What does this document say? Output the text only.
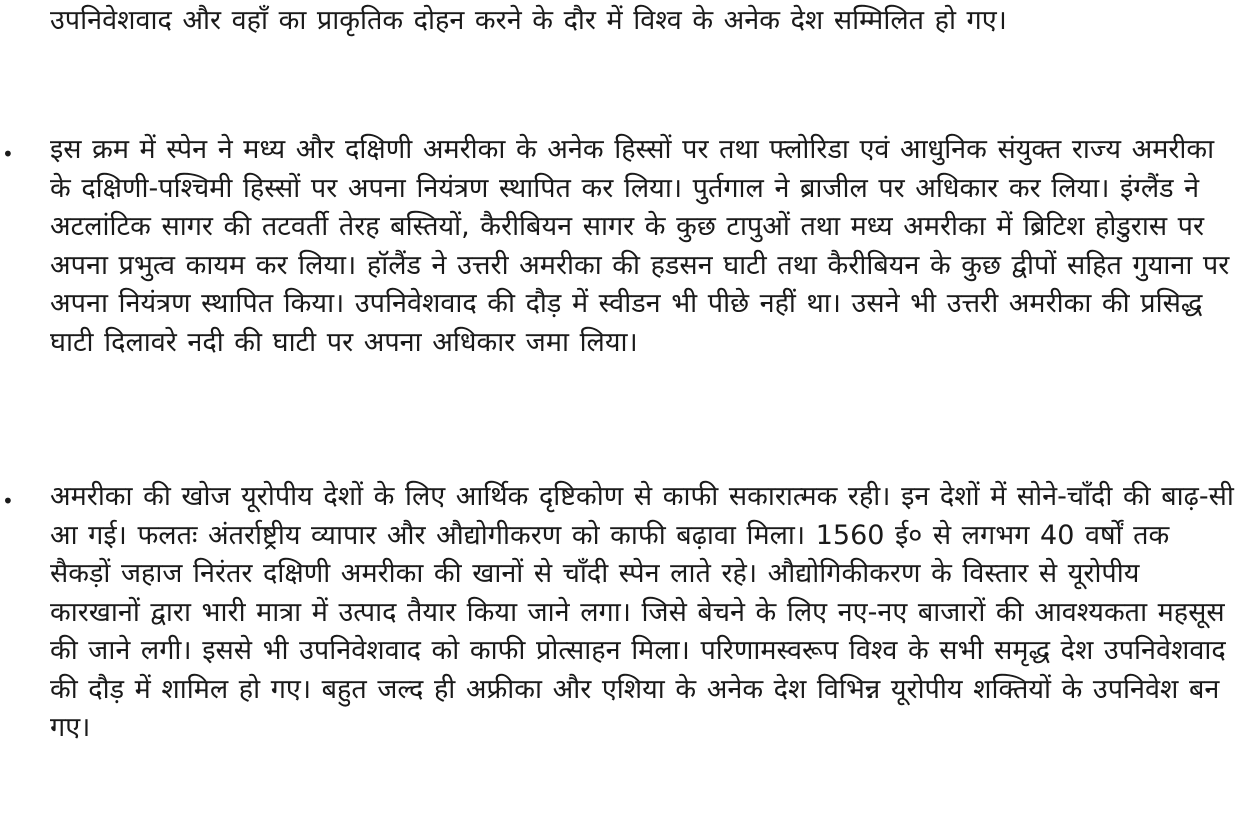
उपनिवेशवाद और वहाँ का प्राकृतिक दोहन करने के दौर में विश्व के अनेक देश सम्मिलित हो गए।

• इस क्रम में स्पेन ने मध्य और दक्षिणी अमरीका के अनेक हिस्सों पर तथा फ्लोरिडा एवं आधुनिक संयुक्त राज्य अमरीका के दक्षिणी-पश्चिमी हिस्सों पर अपना नियंत्रण स्थापित कर लिया। पुर्तगाल ने ब्राजील पर अधिकार कर लिया। इंग्लैंड ने अटलांटिक सागर की तटवर्ती तेरह बस्तियों, कैरीबियन सागर के कुछ टापुओं तथा मध्य अमरीका में ब्रिटिश होडुरास पर अपना प्रभुत्व कायम कर लिया। हॉलैंड ने उत्तरी अमरीका की हडसन घाटी तथा कैरीबियन के कुछ द्वीपों सहित गुयाना पर अपना नियंत्रण स्थापित किया। उपनिवेशवाद की दौड़ में स्वीडन भी पीछे नहीं था। उसने भी उत्तरी अमरीका की प्रसिद्ध घाटी दिलावरे नदी की घाटी पर अपना अधिकार जमा लिया।

• अमरीका की खोज यूरोपीय देशों के लिए आर्थिक दृष्टिकोण से काफी सकारात्मक रही। इन देशों में सोने-चाँदी की बाढ़-सी आ गई। फलतः अंतर्राष्ट्रीय व्यापार और औद्योगीकरण को काफी बढ़ावा मिला। 1560 ई० से लगभग 40 वर्षों तक सैकड़ों जहाज निरंतर दक्षिणी अमरीका की खानों से चाँदी स्पेन लाते रहे। औद्योगिकीकरण के विस्तार से यूरोपीय कारखानों द्वारा भारी मात्रा में उत्पाद तैयार किया जाने लगा। जिसे बेचने के लिए नए-नए बाजारों की आवश्यकता महसूस की जाने लगी। इससे भी उपनिवेशवाद को काफी प्रोत्साहन मिला। परिणामस्वरूप विश्व के सभी समृद्ध देश उपनिवेशवाद की दौड़ में शामिल हो गए। बहुत जल्द ही अफ्रीका और एशिया के अनेक देश विभिन्न यूरोपीय शक्तियों के उपनिवेश बन गए।
